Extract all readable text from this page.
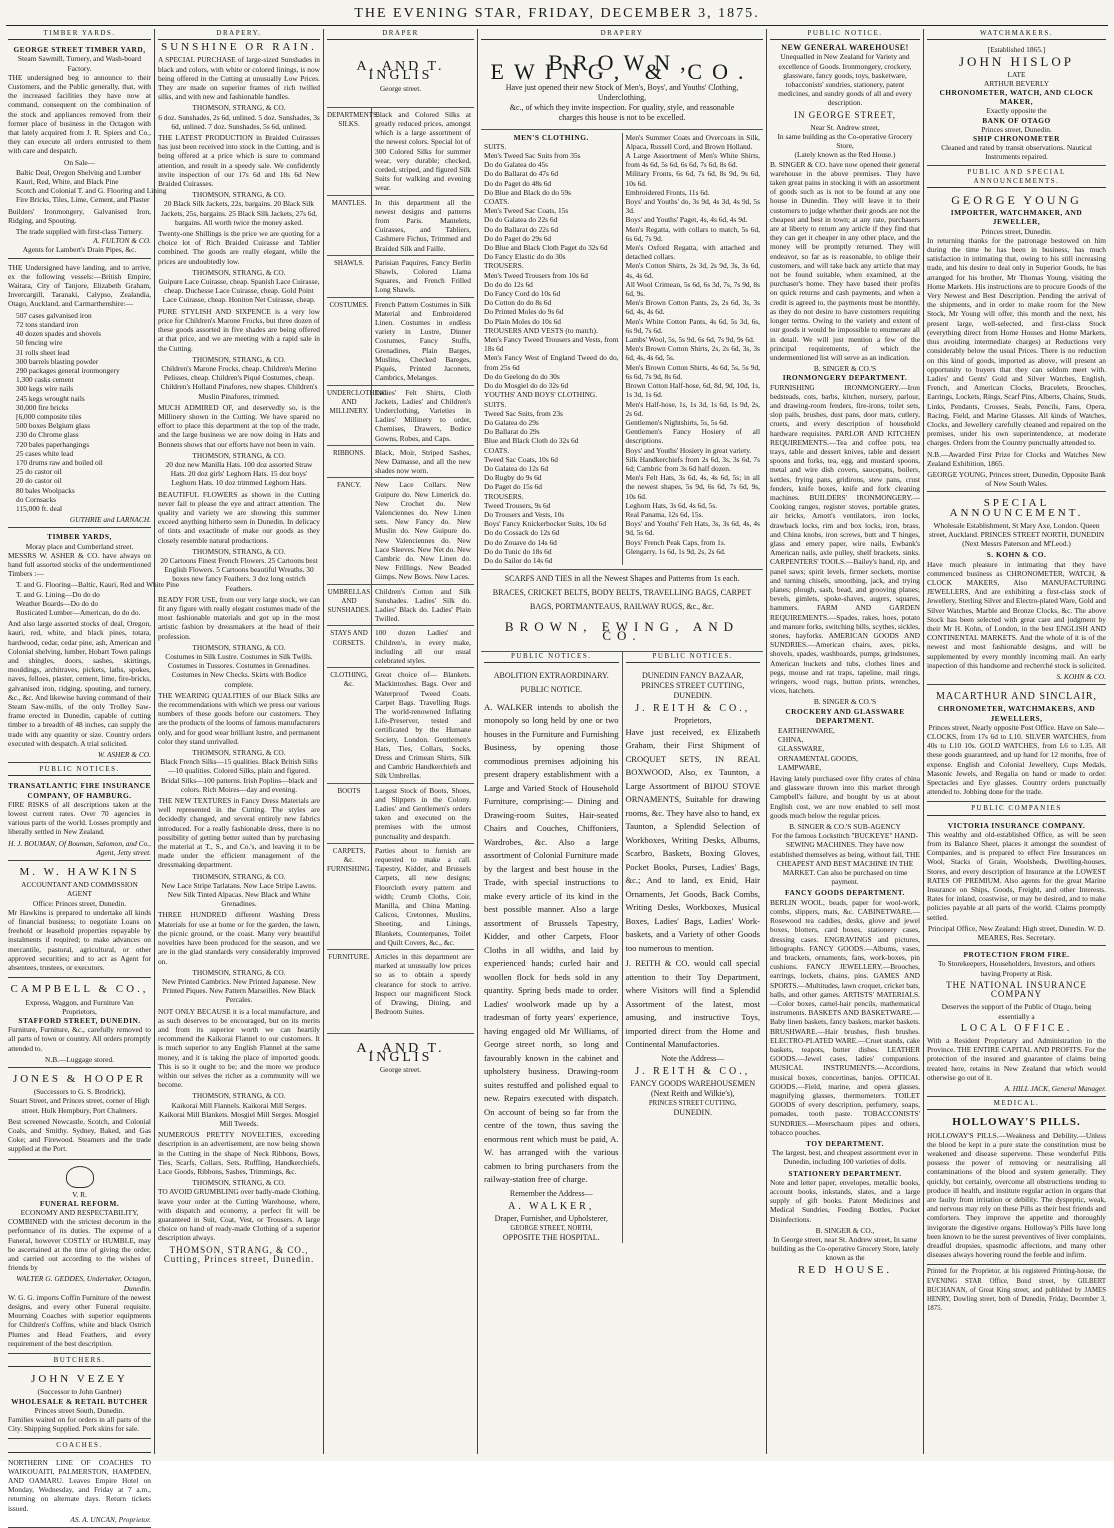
THE EVENING STAR, FRIDAY, DECEMBER 3, 1875.
TIMBER YARDS.
GEORGE STREET TIMBER YARD,
Steam Sawmill, Turnery, and Wash-board Factory.

THE undersigned beg to announce to their Customers, and the Public generally, that, with the increased facilities they have now at command, consequent on the combination of the stock and appliances removed from their former place of business in the Octagon with that lately acquired from J. R. Spiers and Co., they can execute all orders entrusted to them with care and despatch.

On Sale—
Baltic Deal, Oregon Shelving and Lumber
Kauri, Red, White, and Black Pine
Scotch and Colonial T. and G. Flooring and Lining
Fire Bricks, Tiles, Lime, Cement, and Plaster

Builders' Ironmongery, Galvanised Iron, Ridging, and Spouting.

The trade supplied with first-class Turnery.
A. FULTON & CO.
Agents for Lambert's Drain Pipes, &c.

THE Undersigned have landing, and to arrive, ex the following vessels:—British Empire, Waitara, City of Tanjore, Elizabeth Graham, Invercargill, Taranaki, Calypso, Zealandia, Otago, Auckland, and Carmarthenshire:—

507 cases galvanised iron
72 tons standard iron
40 dozen spades and shovels
50 fencing wire
31 rolls sheet lead
300 barrels blasting powder
290 packages general ironmongery
1,300 casks cement
300 kegs wire nails
245 kegs wrought nails
30,000 fire bricks
[6,000 composite tiles
500 boxes Belgium glass
230 do Chrome glass
720 bales paperhangings
25 cases white lead
170 drums raw and boiled oil
25 do castor oil
20 do castor oil
80 bales Woolpacks
do Cornsacks
115,000 ft. deal
GUTHRIE and LARNACH.
TIMBER YARDS,
Moray place and Cumberland street.

MESSRS W. ASHER & CO. have always on hand full assorted stocks of the undermentioned Timbers :—

T. and G. Flooring—Baltic, Kauri, Red and White Pine
T. and G. Lining—Do do do
Weather Boards—Do do do
Rusticated Lumber—American, do do do.

And also large assorted stocks of deal, Oregon, kauri, red, white, and black pines, totara, hardwood, cedar, cedar pine, ash, American and Colonial shelving, lumber, Hobart Town palings and shingles, doors, sashes, skirtings, mouldings, architraves, pickets, laths, spokes, naves, felloes, plaster, cement, lime, fire-bricks, galvanised iron, ridging, spouting, and turnery, &c., &c. And likewise having command of their Steam Saw-mills, of the only Trolley Saw-frame erected in Dunedin, capable of cutting timber to a breadth of 48 inches, can supply the trade with any quantity or size. Country orders executed with despatch. A trial solicited.

W. ASHER & CO.
PUBLIC NOTICES.
TRANSATLANTIC FIRE INSURANCE COMPANY, OF HAMBURG.

FIRE RISKS of all descriptions taken at the lowest current rates. Over 70 agencies in various parts of the world. Losses promptly and liberally settled in New Zealand.

H. J. BOUMAN, Of Bouman, Salomon, and Co., Agent, Jetty street.
M. W. HAWKINS
ACCOUNTANT AND COMMISSION AGENT
Office: Princes street, Dunedin.

Mr Hawkins is prepared to undertake all kinds of financial business; to negotiate Loans on freehold or leasehold properties repayable by instalments if required; to make advances on mercantile, pastoral, agricultural, or other approved securities; and to act as Agent for absentees, trustees, or executors.

CAMPBELL & CO.,
Express, Waggon, and Furniture Van Proprietors,
STAFFORD STREET, DUNEDIN.

Furniture, Furniture, &c., carefully removed to all parts of town or country. All orders promptly attended to.

N.B.—Luggage stored.
JONES & HOOPER
(Successors to G. S. Brodrick),

Stuart Street, and Princes street, corner of High street. Hulk Hempbury, Port Chalmers.

Best screened Newcastle, Scotch, and Colonial Coals, and Smithy. Sydney, Baked, and Gas Coke; and Firewood. Steamers and the trade supplied at the Port.

V. R.
FUNERAL REFORM.
ECONOMY AND RESPECTABILITY,

COMBINED with the strictest decorum in the performance of its duties. The expense of a Funeral, however COSTLY or HUMBLE, may be ascertained at the time of giving the order, and carried out according to the wishes of friends by

WALTER G. GEDDES, Undertaker, Octagon, Dunedin.

W. G. G. imports Coffin Furniture of the newest designs, and every other Funeral requisite. Mourning Coaches with superior equipments for Children's Coffins, white and black Ostrich Plumes and Head Feathers, and every requirement of the best description.

BUTCHERS.
JOHN VEZEY
(Successor to John Gardner)
WHOLESALE & RETAIL BUTCHER
Princes street South, Dunedin.

Families waited on for orders in all parts of the City. Shipping Supplied. Pork skins for sale.

COACHES.

NORTHERN LINE OF COACHES TO WAIKOUAITI, PALMERSTON, HAMPDEN, AND OAMARU. Leaves Empire Hotel on Monday, Wednesday, and Friday at 7 a.m., returning on alternate days. Return tickets issued.

AS. A. UNCAN, Proprietor.
DRAPERY.
SUNSHINE OR RAIN.

A SPECIAL PURCHASE of large-sized Sunshades in black and colors, with white or colored linings, is now being offered in the Cutting at unusually Low Prices. They are made on superior frames of rich twilled silks, and with new and fashionable handles.

THOMSON, STRANG, & CO.

6 doz. Sunshades, 2s 6d, unlined. 5 doz. Sunshades, 3s 6d, unlined. 7 doz. Sunshades, 5s 6d, unlined.

THE LATEST PRODUCTION in Braided Cuirasses has just been received into stock in the Cutting, and is being offered at a price which is sure to command attention, and result in a speedy sale. We confidently invite inspection of our 17s 6d and 18s 6d New Braided Cuirasses.

THOMSON, STRANG, & CO.

20 Black Silk Jackets, 22s, bargains. 20 Black Silk Jackets, 25s, bargains. 25 Black Silk Jackets, 27s 6d, bargains. All worth twice the money asked.

Twenty-one Shillings is the price we are quoting for a choice lot of Rich Braided Cuirasse and Tablier combined. The goods are really elegant, while the prices are undoubtedly low.

THOMSON, STRANG, & CO.

Guipure Lace Cuirasse, cheap. Spanish Lace Cuirasse, cheap. Duchesse Lace Cuirasse, cheap. Gold Point Lace Cuirasse, cheap. Honiton Net Cuirasse, cheap.

PURE STYLISH AND SIXPENCE is a very low price for Children's Marone Frocks, but three dozen of these goods assorted in five shades are being offered at that price, and we are meeting with a rapid sale in the Cutting.

THOMSON, STRANG, & CO.

Children's Marone Frocks, cheap. Children's Merino Pelisses, cheap. Children's Piqué Costumes, cheap. Children's Holland Pinafores, new shapes. Children's Muslin Pinafores, trimmed.

MUCH ADMIRED OF, and deservedly so, is the Millinery shown in the Cutting. We have spared no effort to place this department at the top of the trade, and the large business we are now doing in Hats and Bonnets shows that our efforts have not been in vain.

THOMSON, STRANG, & CO.

20 doz new Manilla Hats. 100 doz assorted Straw Hats. 20 doz girls' Leghorn Hats. 15 doz boys' Leghorn Hats. 10 doz trimmed Leghorn Hats.

BEAUTIFUL FLOWERS as shown in the Cutting never fail to please the eye and attract attention. The quality and variety we are showing this summer exceed anything hitherto seen in Dunedin. In delicacy of tints and exactitude of make our goods as they closely resemble natural productions.

THOMSON, STRANG, & CO.

20 Cartoons Finest French Flowers. 25 Cartoons best English Flowers. 5 Cartoons beautiful Wreaths. 30 boxes new fancy Feathers. 3 doz long ostrich Feathers.

READY FOR USE, from our very large stock, we can fit any figure with really elegant costumes made of the most fashionable materials and got up in the most artistic fashion by dressmakers at the head of their profession.

THOMSON, STRANG, & CO.

Costumes in Silk Lustre. Costumes in Silk Twills. Costumes in Tussores. Costumes in Grenadines. Costumes in New Checks. Skirts with Bodice complete.

THE WEARING QUALITIES of our Black Silks are the recommendations with which we press our various numbers of these goods before our customers. They are the products of the looms of famous manufacturers only, and for good wear brilliant lustre, and permanent color they stand unrivalled.

THOMSON, STRANG, & CO.

Black French Silks—15 qualities. Black British Silks—10 qualities. Colored Silks, plain and figured. Bridal Silks—100 patterns. Irish Poplins—black and colors. Rich Moires—day and evening.

THE NEW TEXTURES in Fancy Dress Materials are well represented in the Cutting. The styles are decidedly changed, and several entirely new fabrics introduced. For a really fashionable dress, there is no possibility of getting better suited than by purchasing the material at T., S., and Co.'s, and leaving it to be made under the efficient management of the dressmaking department.

THOMSON, STRANG, & CO.

New Lace Stripe Tarlatans. New Lace Stripe Lawns. New Silk Tinted Alpacas. New Black and White Grenadines.

THREE HUNDRED different Washing Dress Materials for use at home or for the garden, the lawn, the picnic ground, or the coast. Many very beautiful novelties have been produced for the season, and we are in the glad standards very considerably improved on.

THOMSON, STRANG, & CO.

New Printed Cambrics. New Printed Japanese. New Printed Piques. New Pattern Marseilles. New Black Percales.

NOT ONLY BECAUSE it is a local manufacture, and as such deserves to be encouraged, but on its merits and from its superior worth we can heartily recommend the Kaikorai Flannel to our customers. It is much superior to any English Flannel at the same money, and it is taking the place of imported goods. This is so it ought to be; and the more we produce within our selves the richer as a community will we become.

THOMSON, STRANG, & CO.

Kaikorai Mill Flannels. Kaikorai Mill Serges. Kaikorai Mill Blankets. Mosgiel Mill Serges. Mosgiel Mill Tweeds.

NUMEROUS PRETTY NOVELTIES, exceeding description in an advertisement, are now being shown in the Cutting in the shape of Neck Ribbons, Bows, Ties, Scarfs, Collars, Sets, Ruffling, Handkerchiefs, Lace Goods, Ribbons, Sashes, Trimmings, &c.

THOMSON, STRANG, & CO.

TO AVOID GRUMBLING over badly-made Clothing, leave your order at the Cutting Warehouse, where, with dispatch and economy, a perfect fit will be guaranteed in Suit, Coat, Vest, or Trousers. A large choice on hand of ready-made Clothing of a superior description always.

THOMSON, STRANG, & CO., Cutting, Princes street, Dunedin.
DRAPER
A. AND T. INGLIS
George street.
DEPARTMENTS. SILKS.
Black and Colored Silks at greatly reduced prices, amongst which is a large assortment of the newest colors. Special lot of 300 Colored Silks for summer wear, very durable; checked, corded, striped, and figured Silk Suits for walking and evening wear.
MANTLES.	In this department all the newest designs and patterns from Paris. Mantelets, Cuirasses, and Tabliers, Cashmere Fichus, Trimmed and Braided Silk and Faille.
SHAWLS.	Parisian Paquires, Fancy Berlin Shawls, Colored Llama Squares, and French Frilled Long Shawls.
COSTUMES. French Pattern Costumes in Silk Material and Embroidered Linen. Costumes in endless variety in Lustre, Dinner Costumes, Fancy Stuffs, Grenadines, Plain Barges, Muslins, Checked Bareges, Piqués, Printed Jaconets, Cambrics, Melanges.
UNDERCLOTHING AND MILLINERY.
Ladies' Felt Shirts, Cloth Jackets, Ladies' and Children's Underclothing, Varieties in Ladies' Millinery to order, Chemises, Drawers, Bodice Gowns, Robes, and Caps.
RIBBONS.	Black, Moir, Striped Sashes, New Damasse, and all the new shades now worn.
FANCY.	New Lace Collars. New Guipure do. New Limerick do. New Crochet do. New Valenciennes do. New Linen sets. New Fancy do. New Muslin do. New Guipure do. New Valenciennes do. New Lace Sleeves. New Net do. New Cambric do. New Linen do. New Frillings. New Beaded Gimps. New Bows. New Laces.
UMBRELLAS AND SUNSHADES.
Children's Cotton and Silk Sunshades. Ladies' Silk do. Ladies' Black do. Ladies' Plain Twilled.
STAYS AND CORSETS.
100 dozen Ladies' and Children's, in every make, including all our usual celebrated styles.
CLOTHING, &c.
Great choice of— Blankets. Mackintoshes. Bags. Over and Waterproof Tweed Coats. Carpet Bags. Travelling Rugs. The world-renowned Inflating Life-Preserver, tested and certificated by the Humane Society, London. Gentlemen's Hats, Ties, Collars, Socks, Dress and Crimean Shirts, Silk and Cambric Handkerchiefs and Silk Umbrellas.
BOOTS	Largest Stock of Boots, Shoes, and Slippers in the Colony. Ladies' and Gentlemen's orders taken and executed on the premises with the utmost punctuality and despatch.
CARPETS, &c. FURNISHING.
Parties about to furnish are requested to make a call. Tapestry, Kidder, and Brussels Carpets, all new designs; Floorcloth every pattern and width; Crumb Cloths, Coir, Manilla, and China Matting. Calicos, Cretonnes, Muslins, Sheeting, and Linings, Blankets, Counterpanes, Toilet and Quilt Covers, &c., &c.
FURNITURE. Articles in this department are marked at unusually low prices so as to obtain a speedy clearance for stock to arrive. Inspect our magnificent Stock of Drawing, Dining, and Bedroom Suites.
A. AND T. INGLIS
George street.
DRAPERY
BROWN, EWING, & CO.
Have just opened their new Stock of Men's, Boys', and Youths' Clothing, Underclothing,
&c., of which they invite inspection. For quality, style, and reasonable
charges this house is not to be excelled.
MEN'S CLOTHING.
SUITS.
Men's Tweed Sac Suits from 35s
Do do Galatea do 45s
Do do Ballarat do 47s 6d
Do do Paget do 48s 6d
Do Blue and Black do do 59s
COATS.
Men's Tweed Sac Coats, 15s
Do do Galatea do 22s 6d
Do do Ballarat do 22s 6d
Do do Paget do 29s 6d
Do Blue and Black Cloth Paget do 32s 6d
Do Fancy Elastic do do 30s
TROUSERS.
Men's Tweed Trousers from 10s 6d
Do do do 12s 6d
Do Fancy Cord do 10s 6d
Do Cotton do do 8s 6d
Do Printed Moles do 9s 6d
Do Plain Moles do 10s 6d
TROUSERS AND VESTS (to match).
Men's Fancy Tweed Trousers and Vests, from 18s 6d
Men's Fancy West of England Tweed do do, from 25s 6d
Do do Geelong do do 30s
Do do Mosgiel do do 32s 6d
YOUTHS' AND BOYS' CLOTHING.
SUITS.
Tweed Sac Suits, from 23s
Do Galatea do 29s
Do Ballarat do 29s
Blue and Black Cloth do 32s 6d
COATS.
Tweed Sac Coats, 10s 6d
Do Galatea do 12s 6d
Do Rugby do 9s 6d
Do Paget do 15s 6d
TROUSERS.
Tweed Trousers, 9s 6d
Do Trousers and Vests, 10s
Boys' Fancy Knickerbocker Suits, 10s 6d
Do do Cossack do 12s 6d
Do do Zouave do 14s 6d
Do do Tunic do 18s 6d
Do do Sailor do 14s 6d
Men's Summer Coats and Overcoats in Silk, Alpaca, Russell Cord, and Brown Holland.
A Large Assortment of Men's White Shirts, from 4s 6d, 5s 6d, 6s 6d, 7s 6d, 8s 6d.
Military Fronts, 6s 6d, 7s 6d, 8s 9d, 9s 6d, 10s 6d.
Embroidered Fronts, 11s 6d.
Boys' and Youths' do, 3s 9d, 4s 3d, 4s 9d, 5s 3d.
Boys' and Youths' Paget, 4s, 4s 6d, 4s 9d.
Men's Regatta, with collars to match, 5s 6d, 6s 6d, 7s 9d.
Men's Oxford Regatta, with attached and detached collars.
Men's Cotton Shirts, 2s 3d, 2s 9d, 3s, 3s 6d, 4s, 4s 6d.
All Wool Crimean, 5s 6d, 6s 3d, 7s, 7s 9d, 8s 6d, 9s.
Men's Brown Cotton Pants, 2s, 2s 6d, 3s, 3s 6d, 4s, 4s 6d.
Men's White Cotton Pants, 4s 6d, 5s 3d, 6s, 6s 9d, 7s 6d.
Lambs' Wool, 5s, 5s 9d, 6s 6d, 7s 9d, 9s 6d.
Men's Brown Cotton Shirts, 2s, 2s 6d, 3s, 3s 6d, 4s, 4s 6d, 5s.
Men's Brown Cotton Shirts, 4s 6d, 5s, 5s 9d, 6s 6d, 7s 9d, 8s 6d.
Brown Cotton Half-hose, 6d, 8d, 9d, 10d, 1s, 1s 3d, 1s 6d.
Men's Half-hose, 1s, 1s 3d, 1s 6d, 1s 9d, 2s, 2s 6d.
Gentlemen's Nightshirts, 5s, 5s 6d.
Gentlemen's Fancy Hosiery of all descriptions.
Boys' and Youths' Hosiery in great variety.
Silk Handkerchiefs from 2s 6d, 3s, 3s 6d, 7s 6d; Cambric from 3s 6d half dozen.
Men's Felt Hats, 3s 6d, 4s, 4s 6d, 5s; in all the newest shapes, 5s 9d, 6s 6d, 7s 6d, 9s, 10s 6d.
Leghorn Hats, 3s 6d, 4s 6d, 5s.
Real Panama, 12s 6d, 15s.
Boys' and Youths' Felt Hats, 3s, 3s 6d, 4s, 4s 9d, 5s 6d.
Boys' French Peak Caps, from 1s.
Glengarry, 1s 6d, 1s 9d, 2s, 2s 6d.
SCARFS AND TIES in all the Newest Shapes and Patterns from 1s each.
BRACES, CRICKET BELTS, BODY BELTS, TRAVELLING BAGS, CARPET
BAGS, PORTMANTEAUS, RAILWAY RUGS, &c., &c.
BROWN, EWING, AND CO.
PUBLIC NOTICES.
ABOLITION EXTRAORDINARY.
PUBLIC NOTICE.

A. WALKER intends to abolish the monopoly so long held by one or two houses in the Furniture and Furnishing Business, by opening those commodious premises adjoining his present drapery establishment with a Large and Varied Stock of Household Furniture, comprising:— Dining and Drawing-room Suites, Hair-seated Chairs and Couches, Chiffoniers, Wardrobes, &c. Also a large assortment of Colonial Furniture made by the largest and best house in the Trade, with special instructions to make every article of its kind in the best possible manner. Also a large assortment of Brussels Tapestry, Kidder, and other Carpets, Floor Cloths in all widths, and laid by experienced hands; curled hair and woollen flock for beds sold in any quantity. Spring beds made to order. Ladies' woolwork made up by a tradesman of forty years' experience, having engaged old Mr Williams, of George street north, so long and favourably known in the cabinet and upholstery business. Drawing-room suites restuffed and polished equal to new. Repairs executed with dispatch. On account of being so far from the centre of the town, thus saving the enormous rent which must be paid, A. W. has arranged with the various cabmen to bring purchasers from the railway-station free of charge.

Remember the Address—
A. WALKER,
Draper, Furnisher, and Upholsterer,
GEORGE STREET, NORTH,
OPPOSITE THE HOSPITAL.
PUBLIC NOTICES.
DUNEDIN FANCY BAZAAR,
PRINCES STREET CUTTING,
DUNEDIN.
J. REITH & CO.,
Proprietors,

Have just received, ex Elizabeth Graham, their First Shipment of CROQUET SETS, IN REAL BOXWOOD, Also, ex Taunton, a Large Assortment of BIJOU STOVE ORNAMENTS, Suitable for drawing rooms, &c. They have also to hand, ex Taunton, a Splendid Selection of Workboxes, Writing Desks, Albums, Scarbro, Baskets, Boxing Gloves, Pocket Books, Purses, Ladies' Bags, &c.; And to land, ex Enid, Hair Ornaments, Jet Goods, Back Combs, Writing Desks, Workboxes, Musical Boxes, Ladies' Bags, Ladies' Work-baskets, and a Variety of other Goods too numerous to mention.

J. REITH & CO. would call special attention to their Toy Department, where Visitors will find a Splendid Assortment of the latest, most amusing, and instructive Toys, imported direct from the Home and Continental Manufactories.

Note the Address—
J. REITH & CO.,
FANCY GOODS WAREHOUSEMEN
(Next Reith and Wilkie's),
PRINCES STREET CUTTING,
DUNEDIN.
PUBLIC NOTICE.
NEW GENERAL WAREHOUSE!

Unequalled in New Zealand for Variety and excellence of Goods. Ironmongery, crockery, glassware, fancy goods, toys, basketware, tobacconists' sundries, stationery, patent medicines, and sundry goods of all and every description.

IN GEORGE STREET,
Near St. Andrew street,
In same building as the Co-operative Grocery Store,
(Lately known as the Red House.)

B. SINGER & CO. have now opened their general warehouse in the above premises. They have taken great pains in stocking it with an assortment of goods such as is not to be found at any one house in Dunedin. They will leave it to their customers to judge whether their goods are not the cheapest and best in town; at any rate, purchasers are at liberty to return any article if they find that they can get it cheaper in any other place, and the money will be promptly returned. They will endeavor, so far as is reasonable, to oblige their customers, and will take back any article that may not be found suitable, when examined, at the purchaser's home. They have based their profits on quick returns and cash payments, and when a credit is agreed to, the payments must be monthly, as they do not desire to have customers requiring longer terms. Owing to the variety and extent of our goods it would be impossible to enumerate all in detail. We will just mention a few of the principal requirements, of which the undermentioned list will serve as an indication.

B. SINGER & CO.'S
IRONMONGERY DEPARTMENT.

FURNISHING IRONMONGERY.—Iron bedsteads, cots, barbs, kitchen, nursery, parlour, and drawing-room fenders, fire-irons, toilet sets, slop pails, brushes, dust pans, door mats, cutlery, cruets, and every description of household hardware requisites. PARLOR AND KITCHEN REQUIREMENTS.—Tea and coffee pots, tea trays, table and dessert knives, table and dessert spoons and forks, tea, egg, and mustard spoons, metal and wire dish covers, saucepans, boilers, kettles, frying pans, gridirons, stew pans, crust fenders, knife boxes, knife and fork cleaning machines. BUILDERS' IRONMONGERY.—Cooking ranges, register stoves, portable grates, air bricks, Arnott's ventilators, iron locks, drawback locks, rim and box locks, iron, brass, and China knobs, iron screws, butt and T hinges, glass and emery paper, wire nails, Ewbank's American nails, axle pulley, shelf brackets, sinks. CARPENTERS' TOOLS.—Bailey's hand, rip, and panel saws; spirit levels, firmer sockets, mortise and turning chisels, smoothing, jack, and trying planes; plough, sash, bead, and grooving planes; bevels, gimlets, spoke-shaves, augers, squares, hammers. FARM AND GARDEN REQUIREMENTS.—Spades, rakes, hoes, potato and manure forks, switching bills, scythes, sickles, stones, hayforks. AMERICAN GOODS AND SUNDRIES.—American chairs, axes, picks, shovels, spades, washboards, pumps, grindstones, American buckets and tubs, clothes lines and pegs, mouse and rat traps, tapeline, mail rings, wringers, wood rugs, button prints, wrenches, vices, hatchets.

B. SINGER & CO.'S
CROCKERY AND GLASSWARE DEPARTMENT.
EARTHENWARE,
CHINA,
GLASSWARE,
ORNAMENTAL GOODS,
LAMPWARE,

Having lately purchased over fifty crates of china and glassware thrown into this market through Campbell's failure, and bought by us at about English cost, we are now enabled to sell most goods much below the regular prices.

B. SINGER & CO.'S SUB-AGENCY

For the famous Lockstitch "BUCKEYE" HAND-SEWING MACHINES. They have now established themselves as being, without fail, THE CHEAPEST AND BEST MACHINE IN THE MARKET. Can also be purchased on time payment.

FANCY GOODS DEPARTMENT.

BERLIN WOOL, beads, paper for wool-work, combs, slippers, mats, &c. CABINETWARE.—Rosewood tea caddies, desks, glove and jewel boxes, blotters, card boxes, stationery cases, dressing cases. ENGRAVINGS and pictures, lithographs. FANCY GOODS.—Albums, vases, and brackets, ornaments, fans, work-boxes, pin cushions. FANCY JEWELLERY.—Brooches, earrings, lockets, chains, pins. GAMES AND SPORTS.—Multitudes, lawn croquet, cricket bats, balls, and other games. ARTISTS' MATERIALS.—Color boxes, camel-hair pencils, mathematical instruments. BASKETS AND BASKETWARE.—Baby linen baskets, fancy baskets, market baskets. BRUSHWARE.—Hair brushes, flesh brushes. ELECTRO-PLATED WARE.—Cruet stands, cake baskets, teapots, butter dishes. LEATHER GOODS.—Jewel cases, ladies' companions. MUSICAL INSTRUMENTS.—Accordions, musical boxes, concertinas, banjos. OPTICAL GOODS.—Field, marine, and opera glasses, magnifying glasses, thermometers. TOILET GOODS of every description, perfumery, soaps, pomades, tooth paste. TOBACCONISTS' SUNDRIES.—Meerschaum pipes and others, tobacco pouches.

TOY DEPARTMENT.

The largest, best, and cheapest assortment ever in Dunedin, including 100 varieties of dolls.

STATIONERY DEPARTMENT.

Note and letter paper, envelopes, metallic books, account books, inkstands, slates, and a large supply of gift books. Patent Medicines and Medical Sundries, Feeding Bottles, Pocket Disinfections.

B. SINGER & CO.,

In George street, near St. Andrew street, In same building as the Co-operative Grocery Store, lately known as the

RED HOUSE.
WATCHMAKERS.
[Established 1865.]
JOHN HISLOP
LATE
ARTHUR BEVERLY
CHRONOMETER, WATCH, AND CLOCK MAKER,
Exactly opposite the
BANK OF OTAGO
Princes street, Dunedin.
SHIP CHRONOMETER
Cleaned and rated by transit observations. Nautical Instruments repaired.
PUBLIC AND SPECIAL ANNOUNCEMENTS.
GEORGE YOUNG
IMPORTER, WATCHMAKER, AND JEWELLER,
Princes street, Dunedin.

In returning thanks for the patronage bestowed on him during the time he has been in business, has much satisfaction in intimating that, owing to his still increasing trade, and his desire to deal only in Superior Goods, he has arranged for his brother, Mr Thomas Young, visiting the Home Markets. His instructions are to procure Goods of the Very Newest and Best Description. Pending the arrival of the shipments, and in order to make room for the New Stock, Mr Young will offer, this month and the next, his present large, well-selected, and first-class Stock (everything direct from Home Houses and Home Markets, thus avoiding intermediate charges) at Reductions very considerably below the usual Prices. There is no reduction on this kind of goods, imported as above, will present an opportunity to buyers that they can seldom meet with. Ladies' and Gents' Gold and Silver Watches, English, French, and American Clocks, Bracelets, Brooches, Earrings, Lockets, Rings, Scarf Pins, Alberts, Chains, Studs, Links, Pendants, Crosses, Seals, Pencils, Fans, Opera, Racing, Field, and Marine Glasses. All kinds of Watches, Clocks, and Jewellery carefully cleaned and repaired on the premises, under his own superintendence, at moderate charges. Orders from the Country punctually attended to.

N.B.—Awarded First Prize for Clocks and Watches New Zealand Exhibition, 1865.

GEORGE YOUNG, Princes street, Dunedin, Opposite Bank of New South Wales.
SPECIAL ANNOUNCEMENT.

Wholesale Establishment, St Mary Axe, London. Queen street, Auckland. PRINCES STREET NORTH, DUNEDIN (Next Messrs Paterson and M'Leod.)

S. KOHN & CO.

Have much pleasure in intimating that they have commenced business as CHRONOMETER, WATCH, & CLOCK MAKERS, Also MANUFACTURING JEWELLERS, And are exhibiting a first-class stock of Jewellery, Sterling Silver and Electro-plated Ware, Gold and Silver Watches, Marble and Bronze Clocks, &c. The above Stock has been selected with great care and judgment by their Mr H. Kohn, of London, in the best ENGLISH AND CONTINENTAL MARKETS. And the whole of it is of the newest and most fashionable designs, and will be supplemented by every monthly incoming mail. An early inspection of this handsome and recherché stock is solicited.

S. KOHN & CO.
MACARTHUR AND SINCLAIR,
CHRONOMETER, WATCHMAKERS, AND JEWELLERS,
Princes street, Nearly opposite Post Office. Have on Sale—

CLOCKS, from 17s 6d to L10. SILVER WATCHES, from 40s to L10 10s. GOLD WATCHES, from L6 to L35. All these goods guaranteed, and up hand for 12 months, free of expense. English and Colonial Jewellery, Cups Medals, Masonic Jewels, and Regalia on hand or made to order. Spectacles and Eye glasses. Country orders punctually attended to. Jobbing done for the trade.

PUBLIC COMPANIES
VICTORIA INSURANCE COMPANY.

This wealthy and old-established Office, as will be seen from its Balance Sheet, places it amongst the soundest of Companies, and is prepared to effect Fire Insurances on Wool, Stacks of Grain, Woolsheds, Dwelling-houses, Stores, and every description of Insurance at the LOWEST RATES OF PREMIUM. Also agents for the great Marine Insurance on Ships, Goods, Freight, and other Interests. Rates for inland, coastwise, or may be desired, and to make policies payable at all parts of the world. Claims promptly settled.

Principal Office, New Zealand: High street, Dunedin. W. D. MEARES, Res. Secretary.
PROTECTION FROM FIRE.

To Storekeepers, Householders, Investors, and others having Property at Risk.

THE NATIONAL INSURANCE COMPANY

Deserves the support of the Public of Otago, being essentially a

LOCAL OFFICE.

With a Resident Proprietary and Administration in the Province. THE ENTIRE CAPITAL AND PROFITS. For the protection of the insured and guarantee of claims being treated here, retains in New Zealand that which would otherwise go out of it.

A. HILL JACK, General Manager.
MEDICAL.
HOLLOWAY'S PILLS.

HOLLOWAY'S PILLS.—Weakness and Debility.—Unless the blood be kept in a pure state the constitution must be weakened and disease supervene. These wonderful Pills possess the power of removing or neutralising all contaminations of the blood and system generally. They quickly, but certainly, overcome all obstructions tending to produce ill health, and institute regular action in organs that are faulty from irritation or debility. The dyspeptic, weak, and nervous may rely on these Pills as their best friends and comforters. They improve the appetite and thoroughly invigorate the digestive organs. Holloway's Pills have long been known to be the surest preventives of liver complaints, dreadful dropsies, spasmodic affections, and many other diseases always hovering round the feeble and infirm.

Printed for the Proprietor, at his registered Printing-house, the EVENING STAR Office, Bond street, by GILBERT BUCHANAN, of Great King street, and published by JAMES HENRY, Dowling street, both of Dunedin, Friday, December 3, 1875.
